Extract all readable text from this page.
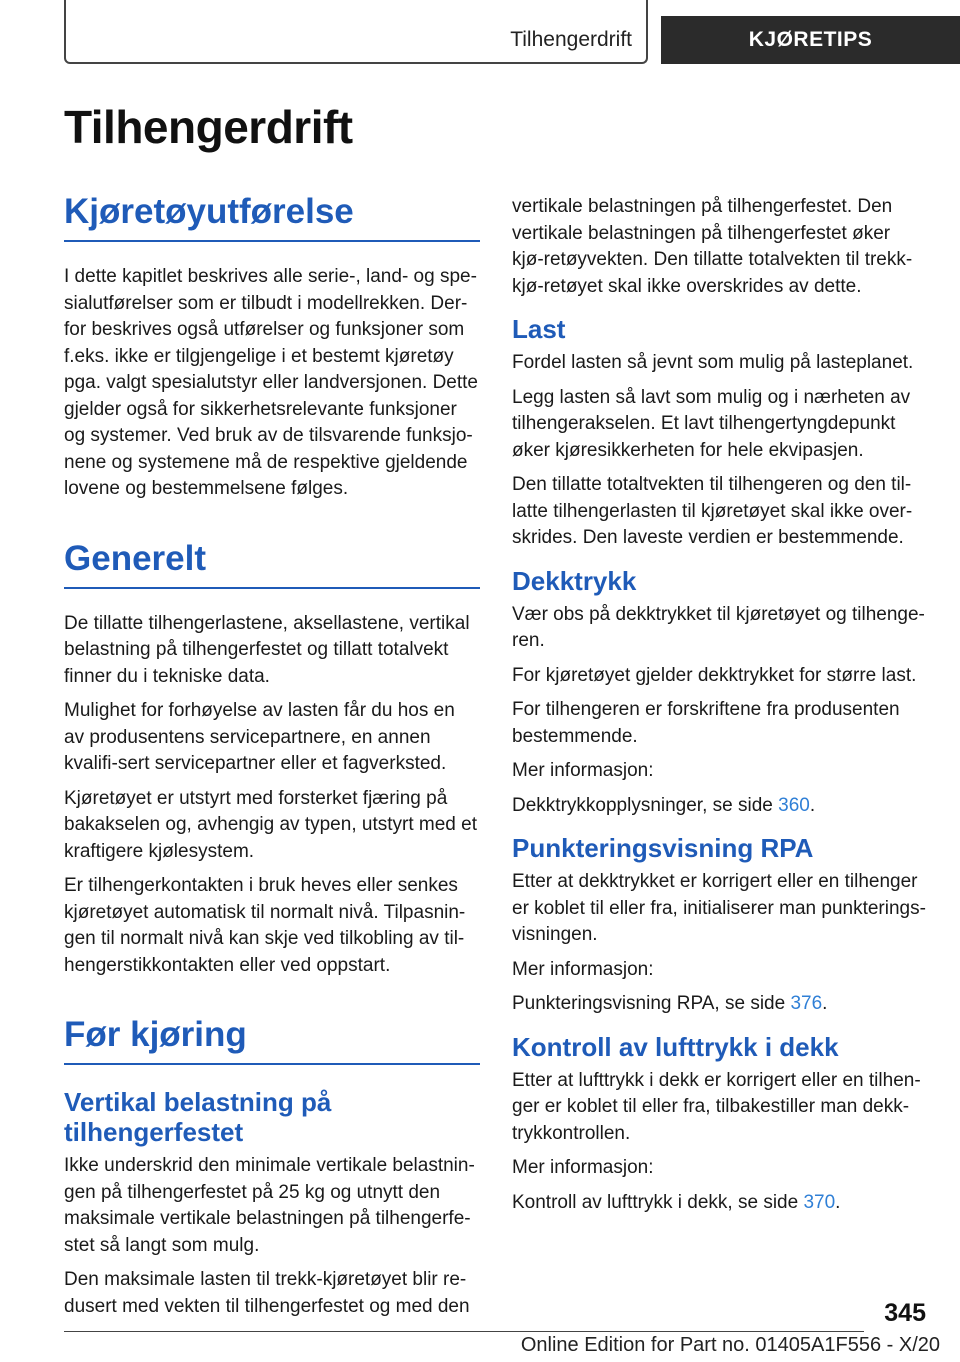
Tilhengerdrift	KJØRETIPS
Tilhengerdrift
Kjøretøyutførelse

I dette kapitlet beskrives alle serie-, land- og spe-sialutførelser som er tilbudt i modellrekken. Der-for beskrives også utførelser og funksjoner som f.eks. ikke er tilgjengelige i et bestemt kjøretøy pga. valgt spesialutstyr eller landversjonen. Dette gjelder også for sikkerhetsrelevante funksjoner og systemer. Ved bruk av de tilsvarende funksjo-nene og systemene må de respektive gjeldende lovene og bestemmelsene følges.

Generelt

De tillatte tilhengerlastene, aksellastene, vertikal belastning på tilhengerfestet og tillatt totalvekt finner du i tekniske data.

Mulighet for forhøyelse av lasten får du hos en av produsentens servicepartnere, en annen kvalifi-sert servicepartner eller et fagverksted.

Kjøretøyet er utstyrt med forsterket fjæring på bakakselen og, avhengig av typen, utstyrt med et kraftigere kjølesystem.

Er tilhengerkontakten i bruk heves eller senkes kjøretøyet automatisk til normalt nivå. Tilpasnin-gen til normalt nivå kan skje ved tilkobling av til-hengerstikkontakten eller ved oppstart.

Før kjøring
Vertikal belastning på tilhengerfestet

Ikke underskrid den minimale vertikale belastnin-gen på tilhengerfestet på 25 kg og utnytt den maksimale vertikale belastningen på tilhengerfe-stet så langt som mulg.

Den maksimale lasten til trekk-kjøretøyet blir re-dusert med vekten til tilhengerfestet og med den

vertikale belastningen på tilhengerfestet. Den vertikale belastningen på tilhengerfestet øker kjø-retøyvekten. Den tillatte totalvekten til trekk-kjø-retøyet skal ikke overskrides av dette.

Last

Fordel lasten så jevnt som mulig på lasteplanet.

Legg lasten så lavt som mulig og i nærheten av tilhengerakselen. Et lavt tilhengertyngdepunkt øker kjøresikkerheten for hele ekvipasjen.

Den tillatte totaltvekten til tilhengeren og den til-latte tilhengerlasten til kjøretøyet skal ikke over-skrides. Den laveste verdien er bestemmende.

Dekktrykk

Vær obs på dekktrykket til kjøretøyet og tilhenge-ren.

For kjøretøyet gjelder dekktrykket for større last.

For tilhengeren er forskriftene fra produsenten bestemmende.

Mer informasjon:

Dekktrykkopplysninger, se side 360.

Punkteringsvisning RPA

Etter at dekktrykket er korrigert eller en tilhenger er koblet til eller fra, initialiserer man punkterings-visningen.

Mer informasjon:

Punkteringsvisning RPA, se side 376.

Kontroll av lufttrykk i dekk

Etter at lufttrykk i dekk er korrigert eller en tilhen-ger er koblet til eller fra, tilbakestiller man dekk-trykkontrollen.

Mer informasjon:

Kontroll av lufttrykk i dekk, se side 370.

345
Online Edition for Part no. 01405A1F556 - X/20
